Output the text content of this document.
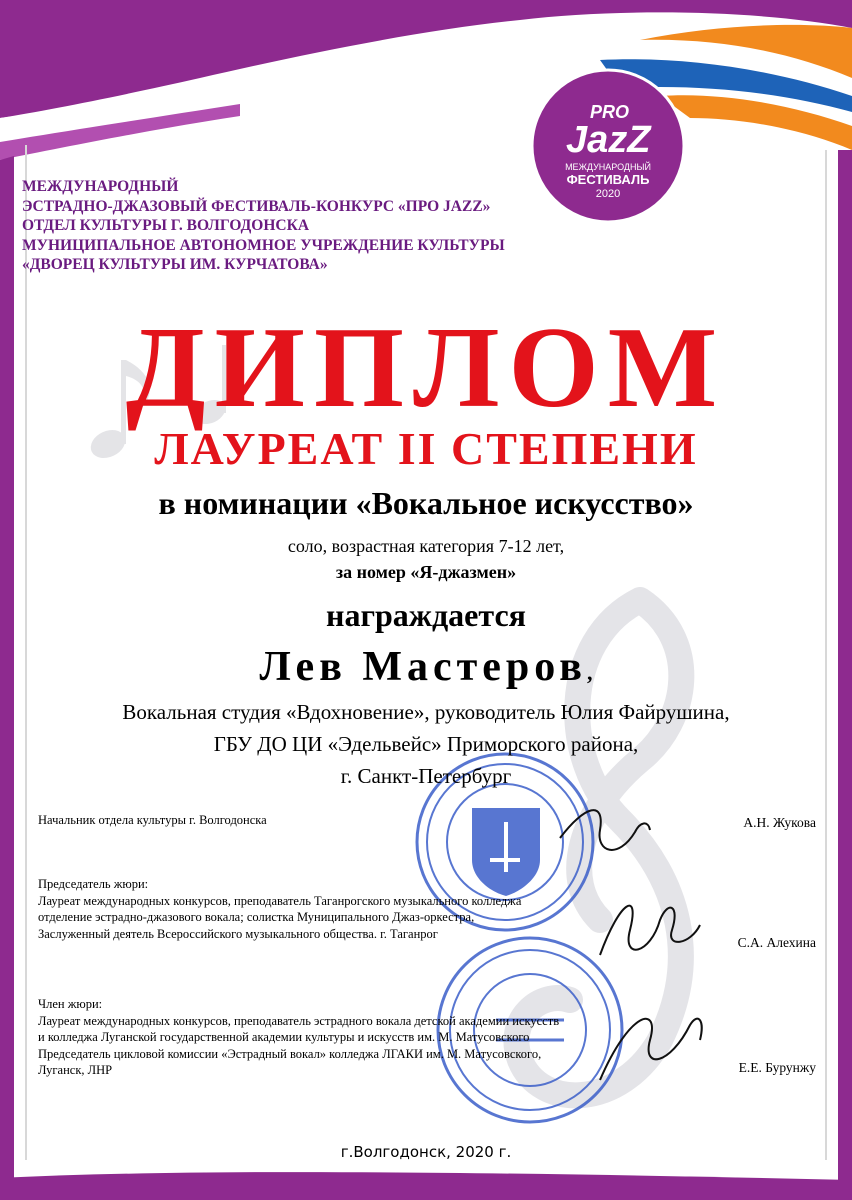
PRO
JazZ
МЕЖДУНАРОДНЫЙ
ФЕСТИВАЛЬ
2020
МЕЖДУНАРОДНЫЙ
ЭСТРАДНО-ДЖАЗОВЫЙ ФЕСТИВАЛЬ-КОНКУРС «ПРО JAZZ»
ОТДЕЛ КУЛЬТУРЫ Г. ВОЛГОДОНСКА
МУНИЦИПАЛЬНОЕ АВТОНОМНОЕ УЧРЕЖДЕНИЕ КУЛЬТУРЫ
«ДВОРЕЦ КУЛЬТУРЫ ИМ. КУРЧАТОВА»
ДИПЛОМ
ЛАУРЕАТ II СТЕПЕНИ
в номинации «Вокальное искусство»
соло, возрастная категория 7-12 лет,
за номер «Я-джазмен»
награждается
Лев Мастеров,
Вокальная студия «Вдохновение», руководитель Юлия Файрушина,
ГБУ ДО ЦИ «Эдельвейс» Приморского района,
г. Санкт-Петербург
Начальник отдела культуры г. Волгодонска	А.Н. Жукова
Председатель жюри:
Лауреат международных конкурсов, преподаватель Таганрогского музыкального колледжа
отделение эстрадно-джазового вокала; солистка Муниципального Джаз-оркестра,
Заслуженный деятель Всероссийского музыкального общества. г. Таганрог
С.А. Алехина
Член жюри:
Лауреат международных конкурсов, преподаватель эстрадного вокала детской академии искусств
и колледжа Луганской государственной академии культуры и искусств им. М. Матусовского
Председатель цикловой комиссии «Эстрадный вокал» колледжа ЛГАКИ им. М. Матусовского,
Луганск, ЛНР	Е.Е. Бурунжу
г.Волгодонск, 2020 г.
